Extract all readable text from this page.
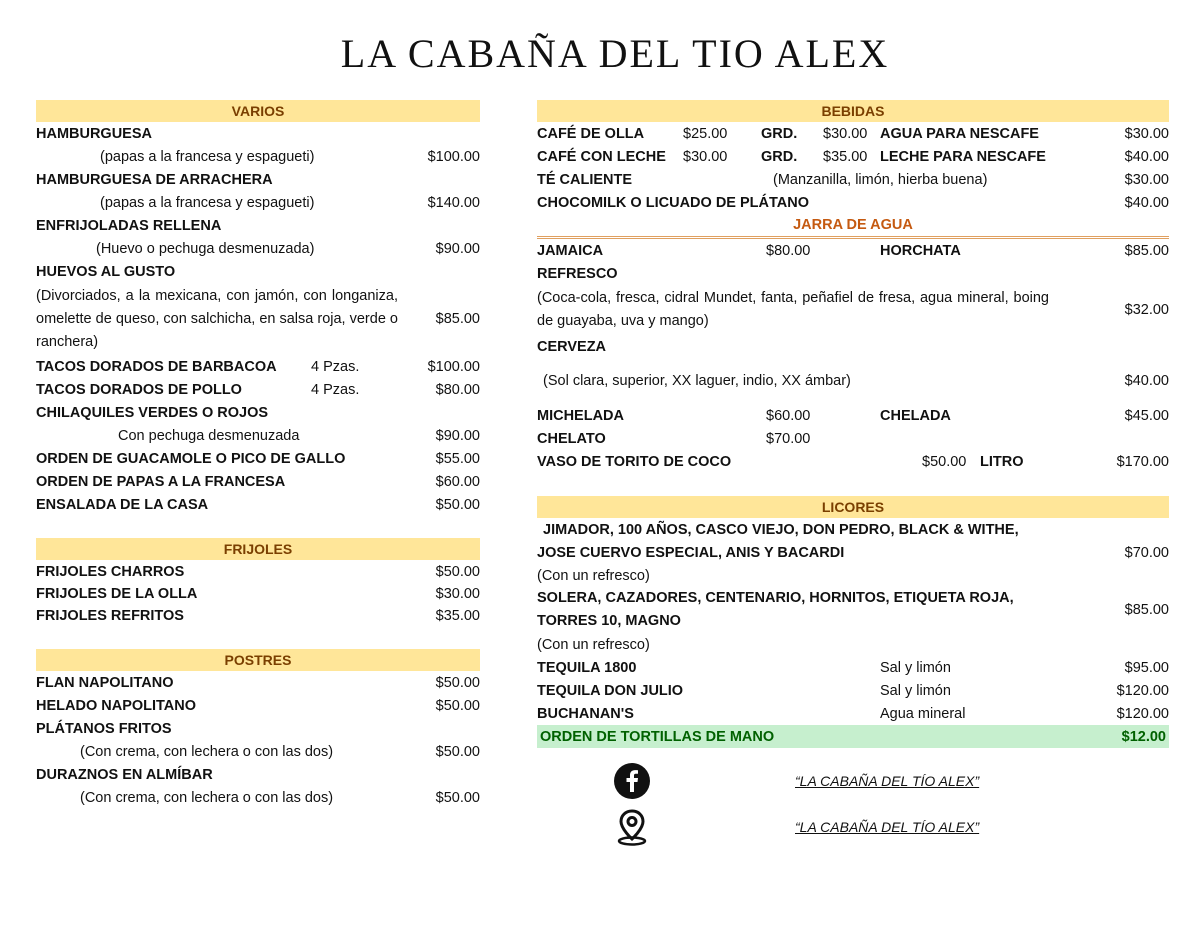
LA CABAÑA DEL TIO ALEX
VARIOS
HAMBURGUESA
(papas a la francesa y espagueti)	$100.00
HAMBURGUESA DE ARRACHERA
(papas a la francesa y espagueti)	$140.00
ENFRIJOLADAS RELLENA
(Huevo o pechuga desmenuzada)	$90.00
HUEVOS AL GUSTO
(Divorciados, a la mexicana, con jamón, con longaniza, omelette de queso, con salchicha, en salsa roja, verde o ranchera)
$85.00
TACOS DORADOS DE BARBACOA	4 Pzas.	$100.00
TACOS DORADOS DE POLLO	4 Pzas.	$80.00
CHILAQUILES VERDES O ROJOS
Con pechuga desmenuzada	$90.00
ORDEN DE GUACAMOLE O PICO DE GALLO	$55.00
ORDEN DE PAPAS A LA FRANCESA	$60.00
ENSALADA DE LA CASA	$50.00
FRIJOLES
FRIJOLES CHARROS	$50.00
FRIJOLES DE LA OLLA	$30.00
FRIJOLES REFRITOS	$35.00
POSTRES
FLAN NAPOLITANO	$50.00
HELADO NAPOLITANO	$50.00
PLÁTANOS FRITOS
(Con crema, con lechera o con las dos)	$50.00
DURAZNOS EN ALMÍBAR
(Con crema, con lechera o con las dos)	$50.00
BEBIDAS
CAFÉ DE OLLA	$25.00	GRD.	$30.00 AGUA PARA NESCAFE	$30.00
CAFÉ CON LECHE	$30.00	GRD.	$35.00 LECHE PARA NESCAFE	$40.00
TÉ CALIENTE	(Manzanilla, limón, hierba buena)	$30.00
CHOCOMILK O LICUADO DE PLÁTANO	$40.00
JARRA DE AGUA
JAMAICA	$80.00	HORCHATA	$85.00
REFRESCO
(Coca-cola, fresca, cidral Mundet, fanta, peñafiel de fresa, agua mineral, boing de guayaba, uva y mango)
$32.00
CERVEZA
(Sol clara, superior, XX laguer, indio, XX ámbar)	$40.00
MICHELADA	$60.00	CHELADA	$45.00
CHELATO	$70.00
VASO DE TORITO DE COCO	$50.00 LITRO	$170.00
LICORES
JIMADOR, 100 AÑOS, CASCO VIEJO, DON PEDRO, BLACK & WITHE,
JOSE CUERVO ESPECIAL, ANIS Y BACARDI	$70.00
(Con un refresco)
SOLERA, CAZADORES, CENTENARIO, HORNITOS, ETIQUETA ROJA,
TORRES 10, MAGNO
$85.00
(Con un refresco)
TEQUILA 1800	Sal y limón	$95.00
TEQUILA DON JULIO	Sal y limón	$120.00
BUCHANAN'S	Agua mineral	$120.00
ORDEN DE TORTILLAS DE MANO	$12.00
“LA CABAÑA DEL TÍO ALEX”
“LA CABAÑA DEL TÍO ALEX”
